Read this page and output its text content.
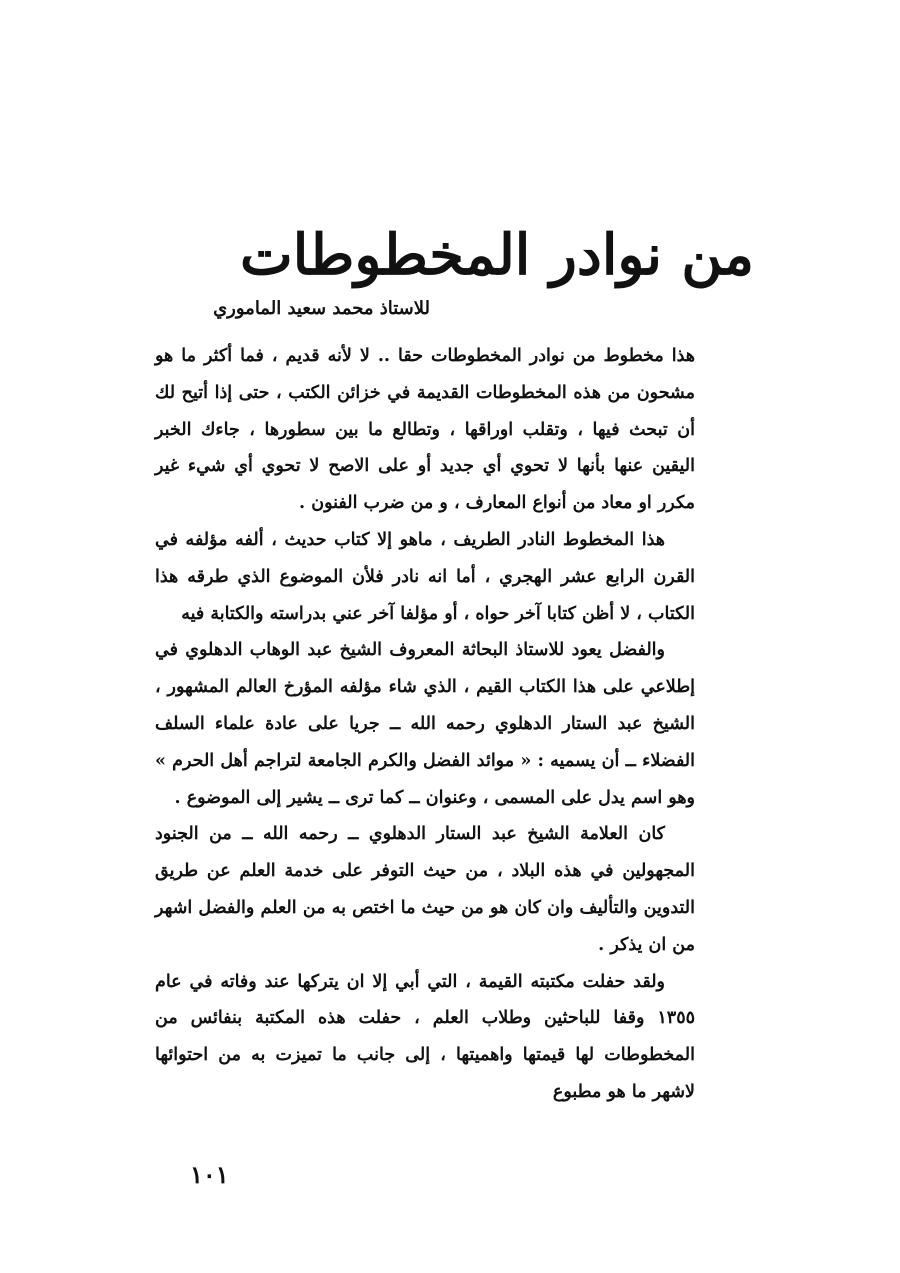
من نوادر المخطوطات
للاستاذ محمد سعيد الماموري

هذا مخطوط من نوادر المخطوطات حقا .. لا لأنه قديم ، فما أكثر ما هو مشحون من هذه المخطوطات القديمة في خزائن الكتب ، حتى إذا أتيح لك أن تبحث فيها ، وتقلب اوراقها ، وتطالع ما بين سطورها ، جاءك الخبر اليقين عنها بأنها لا تحوي أي جديد أو على الاصح لا تحوي أي شيء غير مكرر او معاد من أنواع المعارف ، و من ضرب الفنون .

هذا المخطوط النادر الطريف ، ماهو إلا كتاب حديث ، ألفه مؤلفه في القرن الرابع عشر الهجري ، أما انه نادر فلأن الموضوع الذي طرقه هذا الكتاب ، لا أظن كتابا آخر حواه ، أو مؤلفا آخر عني بدراسته والكتابة فيه

والفضل يعود للاستاذ البحاثة المعروف الشيخ عبد الوهاب الدهلوي في إطلاعي على هذا الكتاب القيم ، الذي شاء مؤلفه المؤرخ العالم المشهور ، الشيخ عبد الستار الدهلوي رحمه الله ــ جريا على عادة علماء السلف الفضلاء ــ أن يسميه : « موائد الفضل والكرم الجامعة لتراجم أهل الحرم » وهو اسم يدل على المسمى ، وعنوان ــ كما ترى ــ يشير إلى الموضوع .

كان العلامة الشيخ عبد الستار الدهلوي ــ رحمه الله ــ من الجنود المجهولين في هذه البلاد ، من حيث التوفر على خدمة العلم عن طريق التدوين والتأليف وان كان هو من حيث ما اختص به من العلم والفضل اشهر من ان يذكر .

ولقد حفلت مكتبته القيمة ، التي أبي إلا ان يتركها عند وفاته في عام ١٣٥٥ وقفا للباحثين وطلاب العلم ، حفلت هذه المكتبة بنفائس من المخطوطات لها قيمتها واهميتها ، إلى جانب ما تميزت به من احتوائها لاشهر ما هو مطبوع

١٠١
